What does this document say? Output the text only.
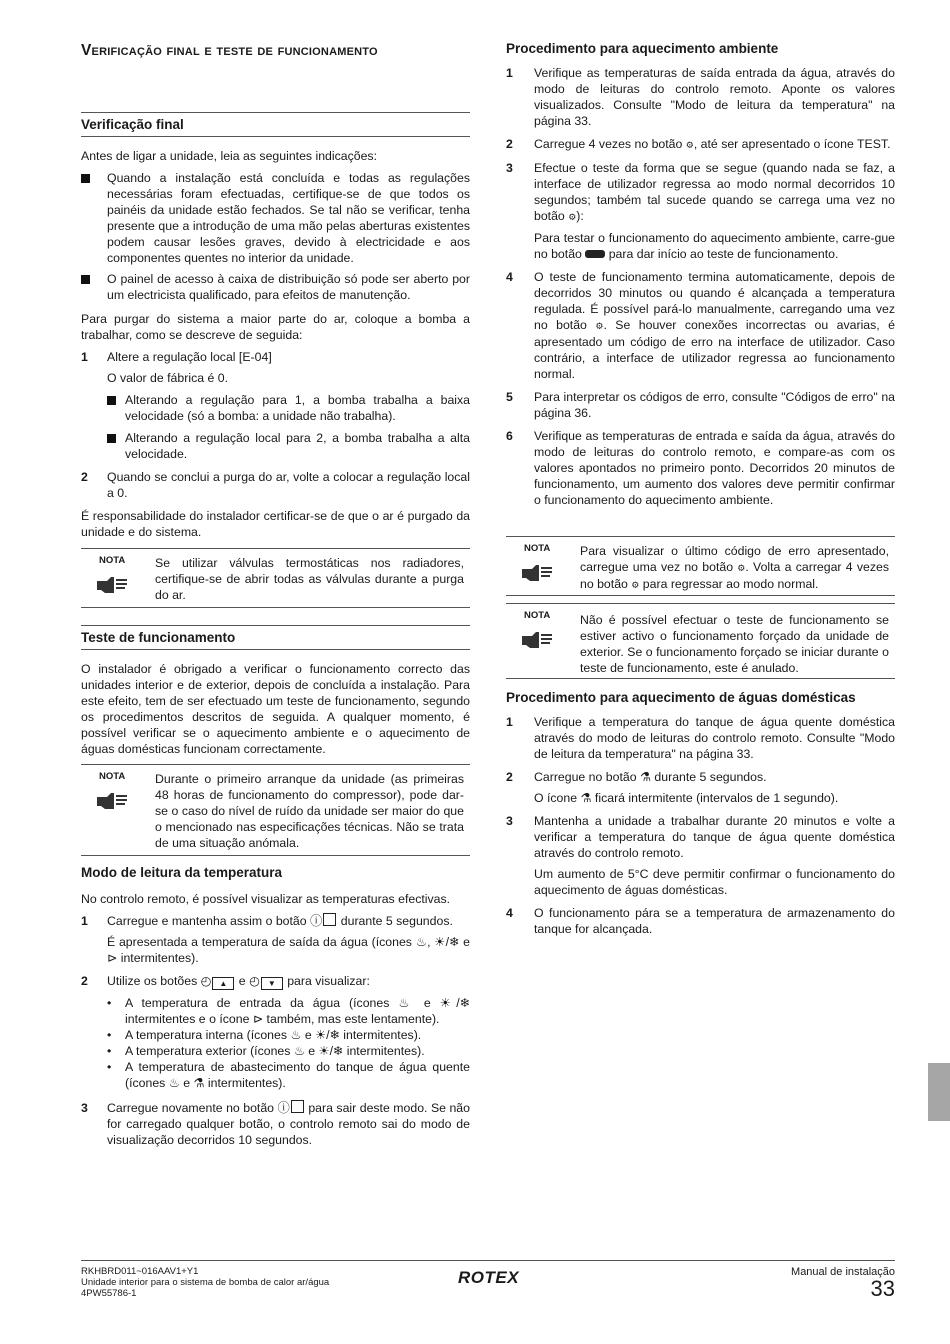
Verificação final e teste de funcionamento
Verificação final

Antes de ligar a unidade, leia as seguintes indicações:

Quando a instalação está concluída e todas as regulações necessárias foram efectuadas, certifique-se de que todos os painéis da unidade estão fechados. Se tal não se verificar, tenha presente que a introdução de uma mão pelas aberturas existentes podem causar lesões graves, devido à electricidade e aos componentes quentes no interior da unidade.

O painel de acesso à caixa de distribuição só pode ser aberto por um electricista qualificado, para efeitos de manutenção.

Para purgar do sistema a maior parte do ar, coloque a bomba a trabalhar, como se descreve de seguida:

1 Altere a regulação local [E-04]

O valor de fábrica é 0.

Alterando a regulação para 1, a bomba trabalha a baixa velocidade (só a bomba: a unidade não trabalha).

Alterando a regulação local para 2, a bomba trabalha a alta velocidade.

2 Quando se conclui a purga do ar, volte a colocar a regulação local a 0.

É responsabilidade do instalador certificar-se de que o ar é purgado da unidade e do sistema.

NOTA Se utilizar válvulas termostáticas nos radiadores, certifique-se de abrir todas as válvulas durante a purga do ar.

Teste de funcionamento

O instalador é obrigado a verificar o funcionamento correcto das unidades interior e de exterior, depois de concluída a instalação. Para este efeito, tem de ser efectuado um teste de funcionamento, segundo os procedimentos descritos de seguida. A qualquer momento, é possível verificar se o aquecimento ambiente e o aquecimento de águas domésticas funcionam correctamente.

NOTA Durante o primeiro arranque da unidade (as primeiras 48 horas de funcionamento do compressor), pode dar-se o caso do nível de ruído da unidade ser maior do que o mencionado nas especificações técnicas. Não se trata de uma situação anómala.

Modo de leitura da temperatura

No controlo remoto, é possível visualizar as temperaturas efectivas.

1 Carregue e mantenha assim o botão ⓘ durante 5 segundos.

É apresentada a temperatura de saída da água (ícones ♨, ☀/❄ e ⊳ intermitentes).

2 Utilize os botões ◴ ▲ e ◴ ▼ para visualizar:

• A temperatura de entrada da água (ícones ♨ e ☀/❄ intermitentes e o ícone ⊳ também, mas este lentamente).

• A temperatura interna (ícones ♨ e ☀/❄ intermitentes).

• A temperatura exterior (ícones ♨ e ☀/❄ intermitentes).

• A temperatura de abastecimento do tanque de água quente (ícones ♨ e ⚗ intermitentes).

3 Carregue novamente no botão ⓘ para sair deste modo. Se não for carregado qualquer botão, o controlo remoto sai do modo de visualização decorridos 10 segundos.
Procedimento para aquecimento ambiente
1 Verifique as temperaturas de saída entrada da água, através do modo de leituras do controlo remoto. Aponte os valores visualizados. Consulte "Modo de leitura da temperatura" na página 33.
2 Carregue 4 vezes no botão ⚙, até ser apresentado o ícone TEST.
3 Efectue o teste da forma que se segue (quando nada se faz, a interface de utilizador regressa ao modo normal decorridos 10 segundos; também tal sucede quando se carrega uma vez no botão ⚙):

Para testar o funcionamento do aquecimento ambiente, carre-gue no botão  para dar início ao teste de funcionamento.

4 O teste de funcionamento termina automaticamente, depois de decorridos 30 minutos ou quando é alcançada a temperatura regulada. É possível pará-lo manualmente, carregando uma vez no botão ⚙. Se houver conexões incorrectas ou avarias, é apresentado um código de erro na interface de utilizador. Caso contrário, a interface de utilizador regressa ao funcionamento normal.
5 Para interpretar os códigos de erro, consulte "Códigos de erro" na página 36.
6 Verifique as temperaturas de entrada e saída da água, através do modo de leituras do controlo remoto, e compare-as com os valores apontados no primeiro ponto. Decorridos 20 minutos de funcionamento, um aumento dos valores deve permitir confirmar o funcionamento do aquecimento ambiente.
NOTA Para visualizar o último código de erro apresentado, carregue uma vez no botão ⚙. Volta a carregar 4 vezes no botão ⚙ para regressar ao modo normal.

NOTA Não é possível efectuar o teste de funcionamento se estiver activo o funcionamento forçado da unidade de exterior. Se o funcionamento forçado se iniciar durante o teste de funcionamento, este é anulado.

Procedimento para aquecimento de águas domésticas
1 Verifique a temperatura do tanque de água quente doméstica através do modo de leituras do controlo remoto. Consulte "Modo de leitura da temperatura" na página 33.
2 Carregue no botão ⚗ durante 5 segundos.

O ícone ⚗ ficará intermitente (intervalos de 1 segundo).

3 Mantenha a unidade a trabalhar durante 20 minutos e volte a verificar a temperatura do tanque de água quente doméstica através do controlo remoto.

Um aumento de 5°C deve permitir confirmar o funcionamento do aquecimento de águas domésticas.

4 O funcionamento pára se a temperatura de armazenamento do tanque for alcançada.
RKHBRD011~016AAV1+Y1
Unidade interior para o sistema de bomba de calor ar/água
4PW55786-1
ROTEX	Manual de instalação
33
